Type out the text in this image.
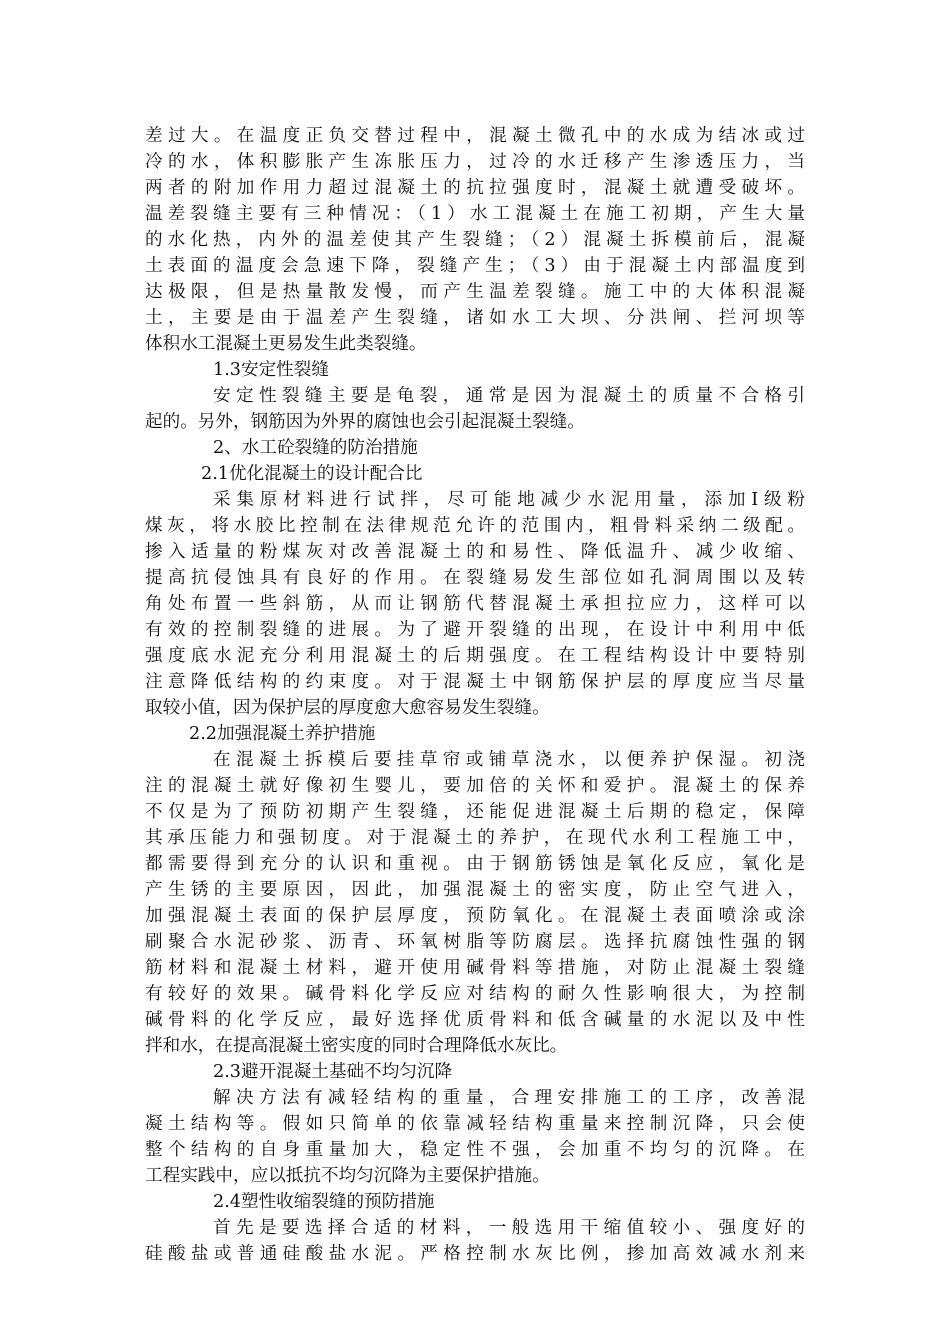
差过大。在温度正负交替过程中，混凝土微孔中的水成为结冰或过
冷的水，体积膨胀产生冻胀压力，过冷的水迁移产生渗透压力，当
两者的附加作用力超过混凝土的抗拉强度时，混凝土就遭受破坏。
温差裂缝主要有三种情况：（1）水工混凝土在施工初期，产生大量
的水化热，内外的温差使其产生裂缝；（2）混凝土拆模前后，混凝
土表面的温度会急速下降，裂缝产生；（3）由于混凝土内部温度到
达极限，但是热量散发慢，而产生温差裂缝。施工中的大体积混凝
土，主要是由于温差产生裂缝，诸如水工大坝、分洪闸、拦河坝等
体积水工混凝土更易发生此类裂缝。
1.3安定性裂缝
安定性裂缝主要是龟裂，通常是因为混凝土的质量不合格引
起的。另外，钢筋因为外界的腐蚀也会引起混凝土裂缝。
2、水工砼裂缝的防治措施
2.1优化混凝土的设计配合比
采集原材料进行试拌，尽可能地减少水泥用量，添加Ⅰ级粉
煤灰，将水胶比控制在法律规范允许的范围内，粗骨料采纳二级配。
掺入适量的粉煤灰对改善混凝土的和易性、降低温升、减少收缩、
提高抗侵蚀具有良好的作用。在裂缝易发生部位如孔洞周围以及转
角处布置一些斜筋，从而让钢筋代替混凝土承担拉应力，这样可以
有效的控制裂缝的进展。为了避开裂缝的出现，在设计中利用中低
强度底水泥充分利用混凝土的后期强度。在工程结构设计中要特别
注意降低结构的约束度。对于混凝土中钢筋保护层的厚度应当尽量
取较小值，因为保护层的厚度愈大愈容易发生裂缝。
2.2加强混凝土养护措施
在混凝土拆模后要挂草帘或铺草浇水，以便养护保湿。初浇
注的混凝土就好像初生婴儿，要加倍的关怀和爱护。混凝土的保养
不仅是为了预防初期产生裂缝，还能促进混凝土后期的稳定，保障
其承压能力和强韧度。对于混凝土的养护，在现代水利工程施工中，
都需要得到充分的认识和重视。由于钢筋锈蚀是氧化反应，氧化是
产生锈的主要原因，因此，加强混凝土的密实度，防止空气进入，
加强混凝土表面的保护层厚度，预防氧化。在混凝土表面喷涂或涂
刷聚合水泥砂浆、沥青、环氧树脂等防腐层。选择抗腐蚀性强的钢
筋材料和混凝土材料，避开使用碱骨料等措施，对防止混凝土裂缝
有较好的效果。碱骨料化学反应对结构的耐久性影响很大，为控制
碱骨料的化学反应，最好选择优质骨料和低含碱量的水泥以及中性
拌和水，在提高混凝土密实度的同时合理降低水灰比。
2.3避开混凝土基础不均匀沉降
解决方法有减轻结构的重量，合理安排施工的工序，改善混
凝土结构等。假如只简单的依靠减轻结构重量来控制沉降，只会使
整个结构的自身重量加大，稳定性不强，会加重不均匀的沉降。在
工程实践中，应以抵抗不均匀沉降为主要保护措施。
2.4塑性收缩裂缝的预防措施
首先是要选择合适的材料，一般选用干缩值较小、强度好的
硅酸盐或普通硅酸盐水泥。严格控制水灰比例，掺加高效减水剂来
